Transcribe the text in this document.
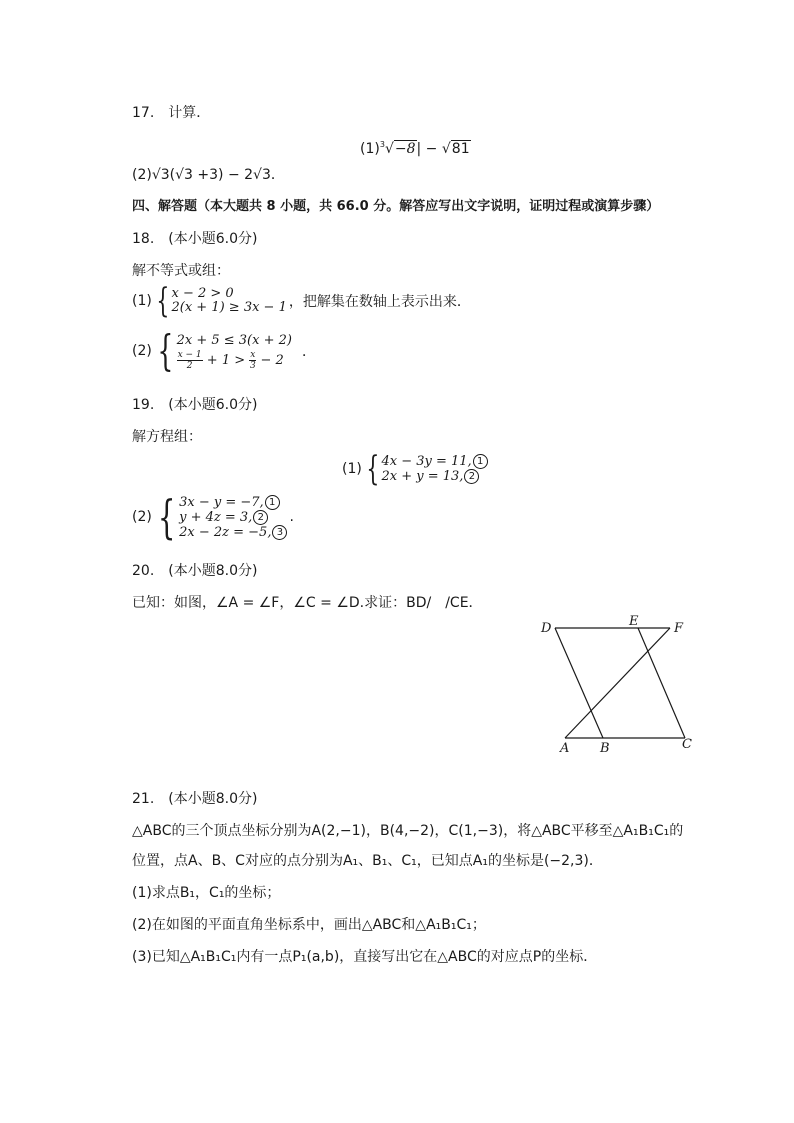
17.　计算．
$(1)^3√-8| - √81$
(2)√3(√3 +3) − 2√3．
四、解答题（本大题共 8 小题，共 66.0 分。解答应写出文字说明，证明过程或演算步骤）
18.　(本小题6.0分)
解不等式或组：
(1) { x − 2 > 0
2(x + 1) ≥ 3x − 1 ，把解集在数轴上表示出来．
(2) { 2x + 5 ≤ 3(x + 2)
$\frac{x - 1}{2} + 1 > \frac{x}{3} - 2$	．
19.　(本小题6.0分)
解方程组：
(1) { 4x − 3y = 11, 1
2x + y = 13, 2
(2) { 3x − y = −7, 1
y + 4z = 3, 2
2x − 2z = −5, 3
.
20.　(本小题8.0分)
已知：如图，∠A = ∠F，∠C = ∠D.求证：BD/　/CE．
D	E	F
A B	C
21.　(本小题8.0分)
△ABC的三个顶点坐标分别为A(2,−1)，B(4,−2)，C(1,−3)，将△ABC平移至△A₁B₁C₁的
位置，点A、B、C对应的点分别为A₁、B₁、C₁，已知点A₁的坐标是(−2,3)．
(1)求点B₁，C₁的坐标；
(2)在如图的平面直角坐标系中，画出△ABC和△A₁B₁C₁；
(3)已知△A₁B₁C₁内有一点P₁(a,b)，直接写出它在△ABC的对应点P的坐标．
